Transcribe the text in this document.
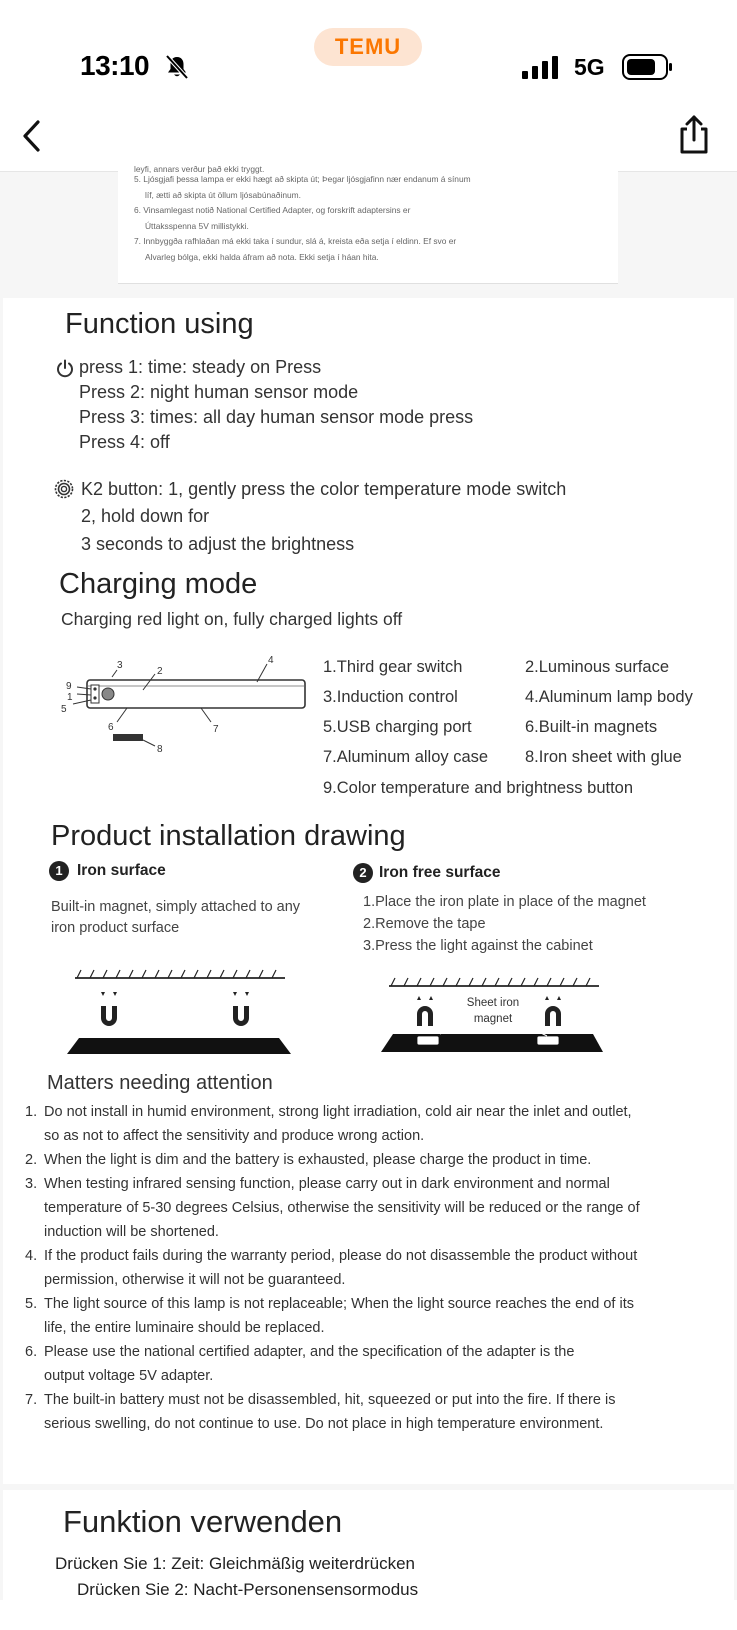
13:10
TEMU
5G

leyfi, annars verður það ekki tryggt.

5. Ljósgjafi þessa lampa er ekki hægt að skipta út; Þegar ljósgjafinn nær endanum á sínum

líf, ætti að skipta út öllum ljósabúnaðinum.

6. Vinsamlegast notið National Certified Adapter, og forskrift adaptersins er

Úttaksspenna 5V millistykki.

7. Innbyggða rafhlaðan má ekki taka í sundur, slá á, kreista eða setja í eldinn. Ef svo er

Alvarleg bólga, ekki halda áfram að nota. Ekki setja í háan hita.

Function using
press 1: time: steady on Press
Press 2: night human sensor mode
Press 3: times: all day human sensor mode press
Press 4: off
K2 button: 1, gently press the color temperature mode switch
2, hold down for
3 seconds to adjust the brightness
Charging mode
Charging red light on, fully charged lights off
3
2
4
9
1
5
6	7
8
1.Third gear switch	2.Luminous surface
3.Induction control	4.Aluminum lamp body
5.USB charging port	6.Built-in magnets
7.Aluminum alloy case 8.Iron sheet with glue
9.Color temperature and brightness button
Product installation drawing
1 Iron surface	2 Iron free surface
Built-in magnet, simply attached to any
iron product surface
1.Place the iron plate in place of the magnet
2.Remove the tape
3.Press the light against the cabinet
Sheet iron
magnet
Matters needing attention
1. Do not install in humid environment, strong light irradiation, cold air near the inlet and outlet,
so as not to affect the sensitivity and produce wrong action.
2. When the light is dim and the battery is exhausted, please charge the product in time.
3. When testing infrared sensing function, please carry out in dark environment and normal
temperature of 5-30 degrees Celsius, otherwise the sensitivity will be reduced or the range of
induction will be shortened.
4. If the product fails during the warranty period, please do not disassemble the product without
permission, otherwise it will not be guaranteed.
5. The light source of this lamp is not replaceable; When the light source reaches the end of its
life, the entire luminaire should be replaced.
6. Please use the national certified adapter, and the specification of the adapter is the
output voltage 5V adapter.
7. The built-in battery must not be disassembled, hit, squeezed or put into the fire. If there is
serious swelling, do not continue to use. Do not place in high temperature environment.
Funktion verwenden
Drücken Sie 1: Zeit: Gleichmäßig weiterdrücken
Drücken Sie 2: Nacht-Personensensormodus
